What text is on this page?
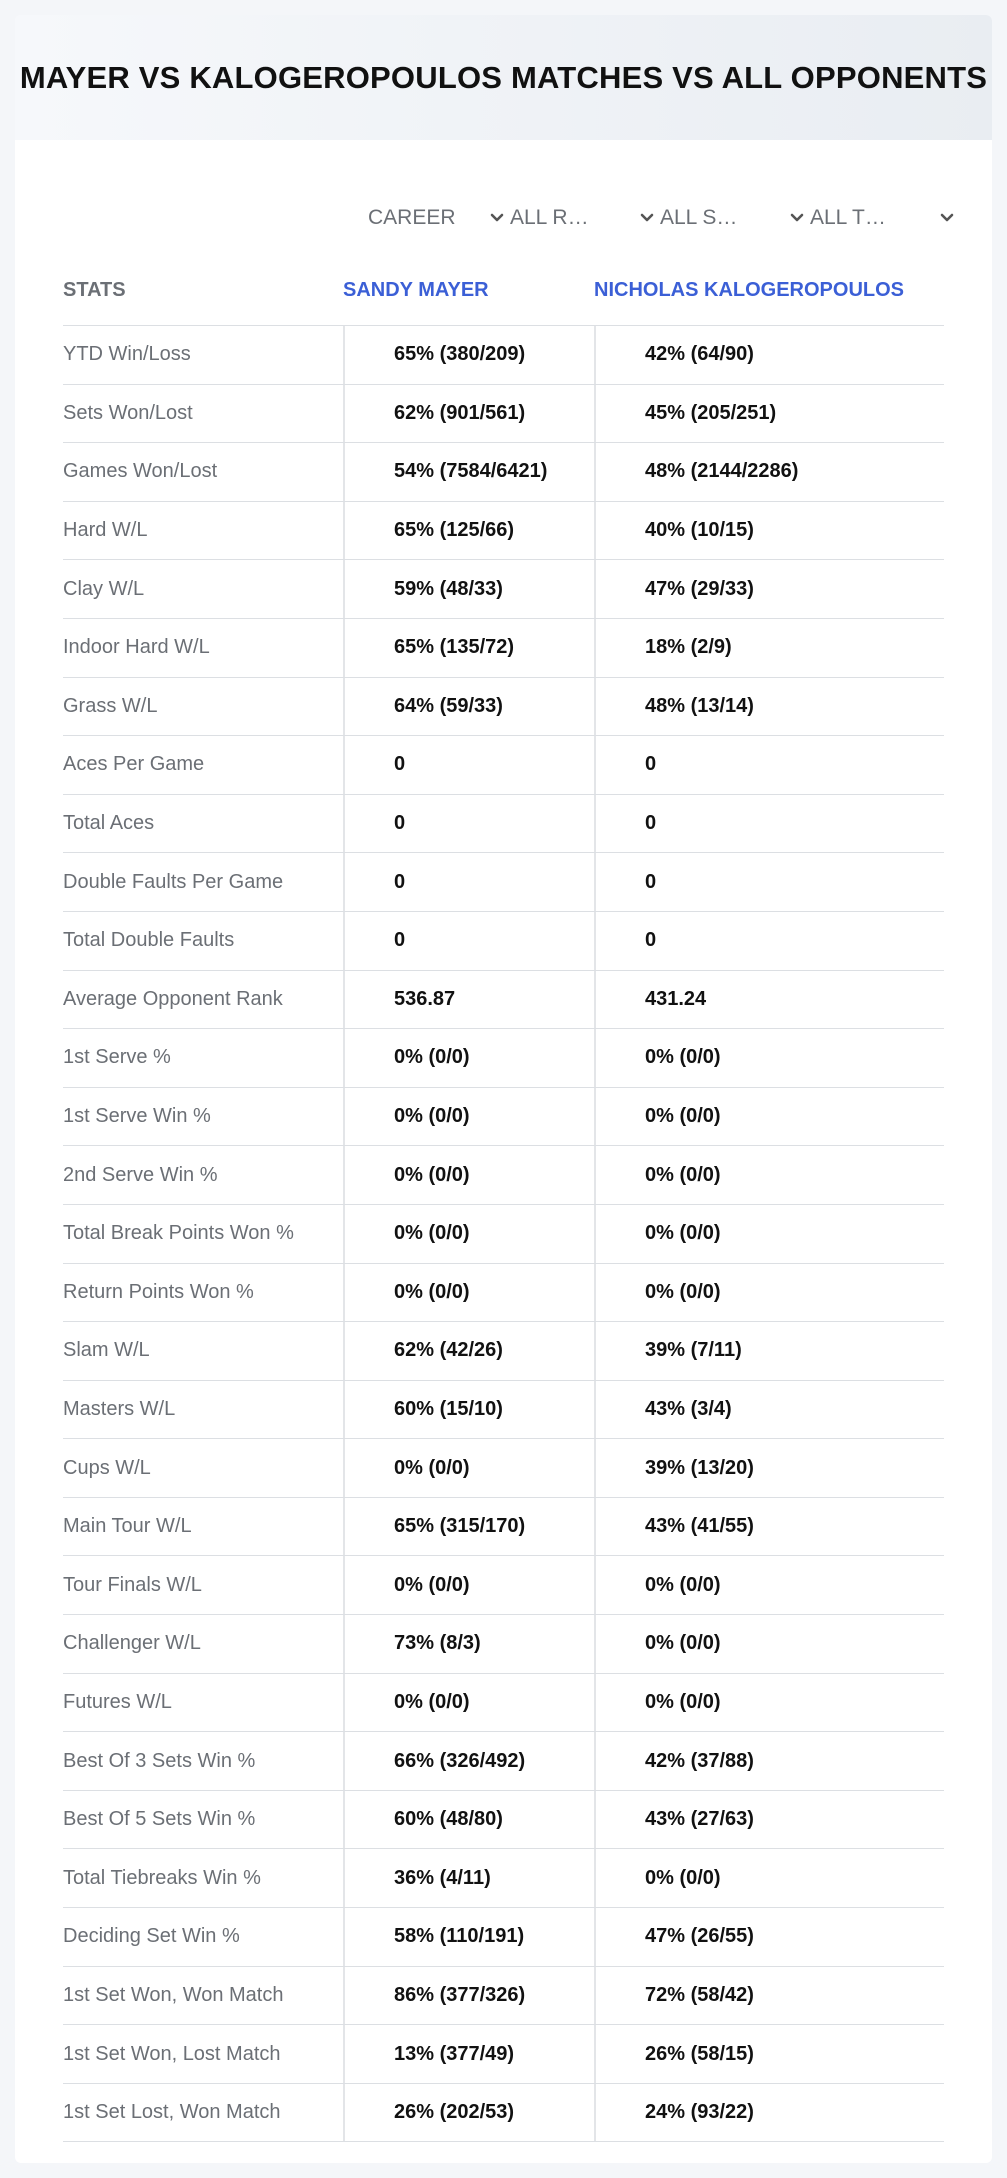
MAYER VS KALOGEROPOULOS MATCHES VS ALL OPPONENTS
CAREER	ALL R…	ALL S…	ALL T…
STATS	SANDY MAYER	NICHOLAS KALOGEROPOULOS
YTD Win/Loss	65% (380/209)	42% (64/90)
Sets Won/Lost	62% (901/561)	45% (205/251)
Games Won/Lost	54% (7584/6421)	48% (2144/2286)
Hard W/L	65% (125/66)	40% (10/15)
Clay W/L	59% (48/33)	47% (29/33)
Indoor Hard W/L	65% (135/72)	18% (2/9)
Grass W/L	64% (59/33)	48% (13/14)
Aces Per Game	0	0
Total Aces	0	0
Double Faults Per Game	0	0
Total Double Faults	0	0
Average Opponent Rank	536.87	431.24
1st Serve %	0% (0/0)	0% (0/0)
1st Serve Win %	0% (0/0)	0% (0/0)
2nd Serve Win %	0% (0/0)	0% (0/0)
Total Break Points Won %	0% (0/0)	0% (0/0)
Return Points Won %	0% (0/0)	0% (0/0)
Slam W/L	62% (42/26)	39% (7/11)
Masters W/L	60% (15/10)	43% (3/4)
Cups W/L	0% (0/0)	39% (13/20)
Main Tour W/L	65% (315/170)	43% (41/55)
Tour Finals W/L	0% (0/0)	0% (0/0)
Challenger W/L	73% (8/3)	0% (0/0)
Futures W/L	0% (0/0)	0% (0/0)
Best Of 3 Sets Win %	66% (326/492)	42% (37/88)
Best Of 5 Sets Win %	60% (48/80)	43% (27/63)
Total Tiebreaks Win %	36% (4/11)	0% (0/0)
Deciding Set Win %	58% (110/191)	47% (26/55)
1st Set Won, Won Match	86% (377/326)	72% (58/42)
1st Set Won, Lost Match	13% (377/49)	26% (58/15)
1st Set Lost, Won Match	26% (202/53)	24% (93/22)
